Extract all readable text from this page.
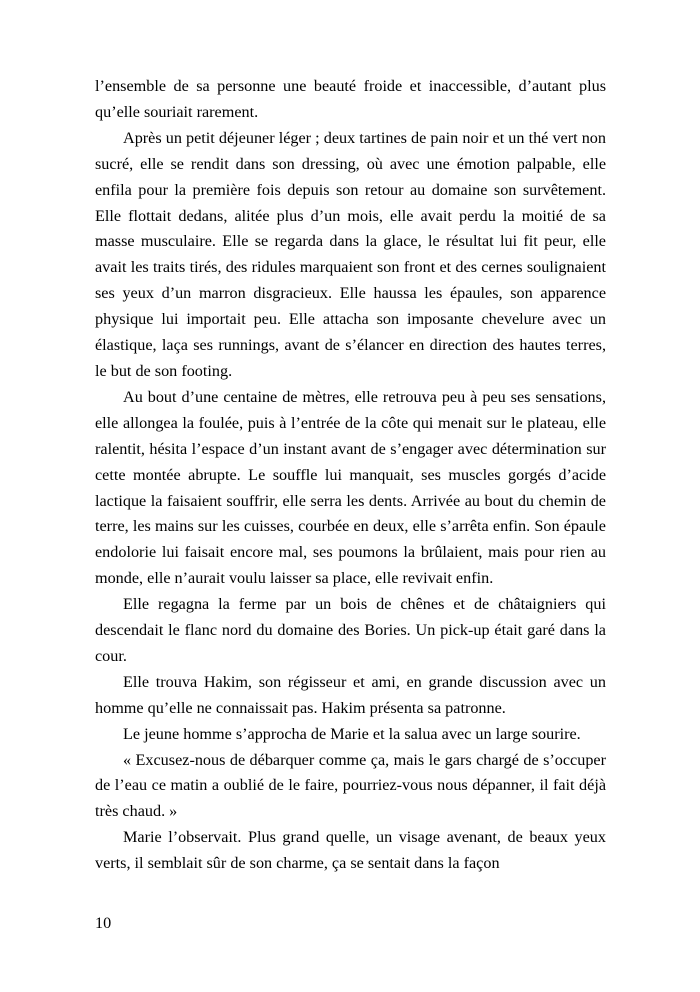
l’ensemble de sa personne une beauté froide et inaccessible, d’autant plus qu’elle souriait rarement.

Après un petit déjeuner léger ; deux tartines de pain noir et un thé vert non sucré, elle se rendit dans son dressing, où avec une émotion palpable, elle enfila pour la première fois depuis son retour au domaine son survêtement. Elle flottait dedans, alitée plus d’un mois, elle avait perdu la moitié de sa masse musculaire. Elle se regarda dans la glace, le résultat lui fit peur, elle avait les traits tirés, des ridules marquaient son front et des cernes soulignaient ses yeux d’un marron disgracieux. Elle haussa les épaules, son apparence physique lui importait peu. Elle attacha son imposante chevelure avec un élastique, laça ses runnings, avant de s’élancer en direction des hautes terres, le but de son footing.

Au bout d’une centaine de mètres, elle retrouva peu à peu ses sensations, elle allongea la foulée, puis à l’entrée de la côte qui menait sur le plateau, elle ralentit, hésita l’espace d’un instant avant de s’engager avec détermination sur cette montée abrupte. Le souffle lui manquait, ses muscles gorgés d’acide lactique la faisaient souffrir, elle serra les dents. Arrivée au bout du chemin de terre, les mains sur les cuisses, courbée en deux, elle s’arrêta enfin. Son épaule endolorie lui faisait encore mal, ses poumons la brûlaient, mais pour rien au monde, elle n’aurait voulu laisser sa place, elle revivait enfin.

Elle regagna la ferme par un bois de chênes et de châtaigniers qui descendait le flanc nord du domaine des Bories. Un pick-up était garé dans la cour.

Elle trouva Hakim, son régisseur et ami, en grande discussion avec un homme qu’elle ne connaissait pas. Hakim présenta sa patronne.

Le jeune homme s’approcha de Marie et la salua avec un large sourire.

« Excusez-nous de débarquer comme ça, mais le gars chargé de s’occuper de l’eau ce matin a oublié de le faire, pourriez-vous nous dépanner, il fait déjà très chaud. »

Marie l’observait. Plus grand quelle, un visage avenant, de beaux yeux verts, il semblait sûr de son charme, ça se sentait dans la façon

10
